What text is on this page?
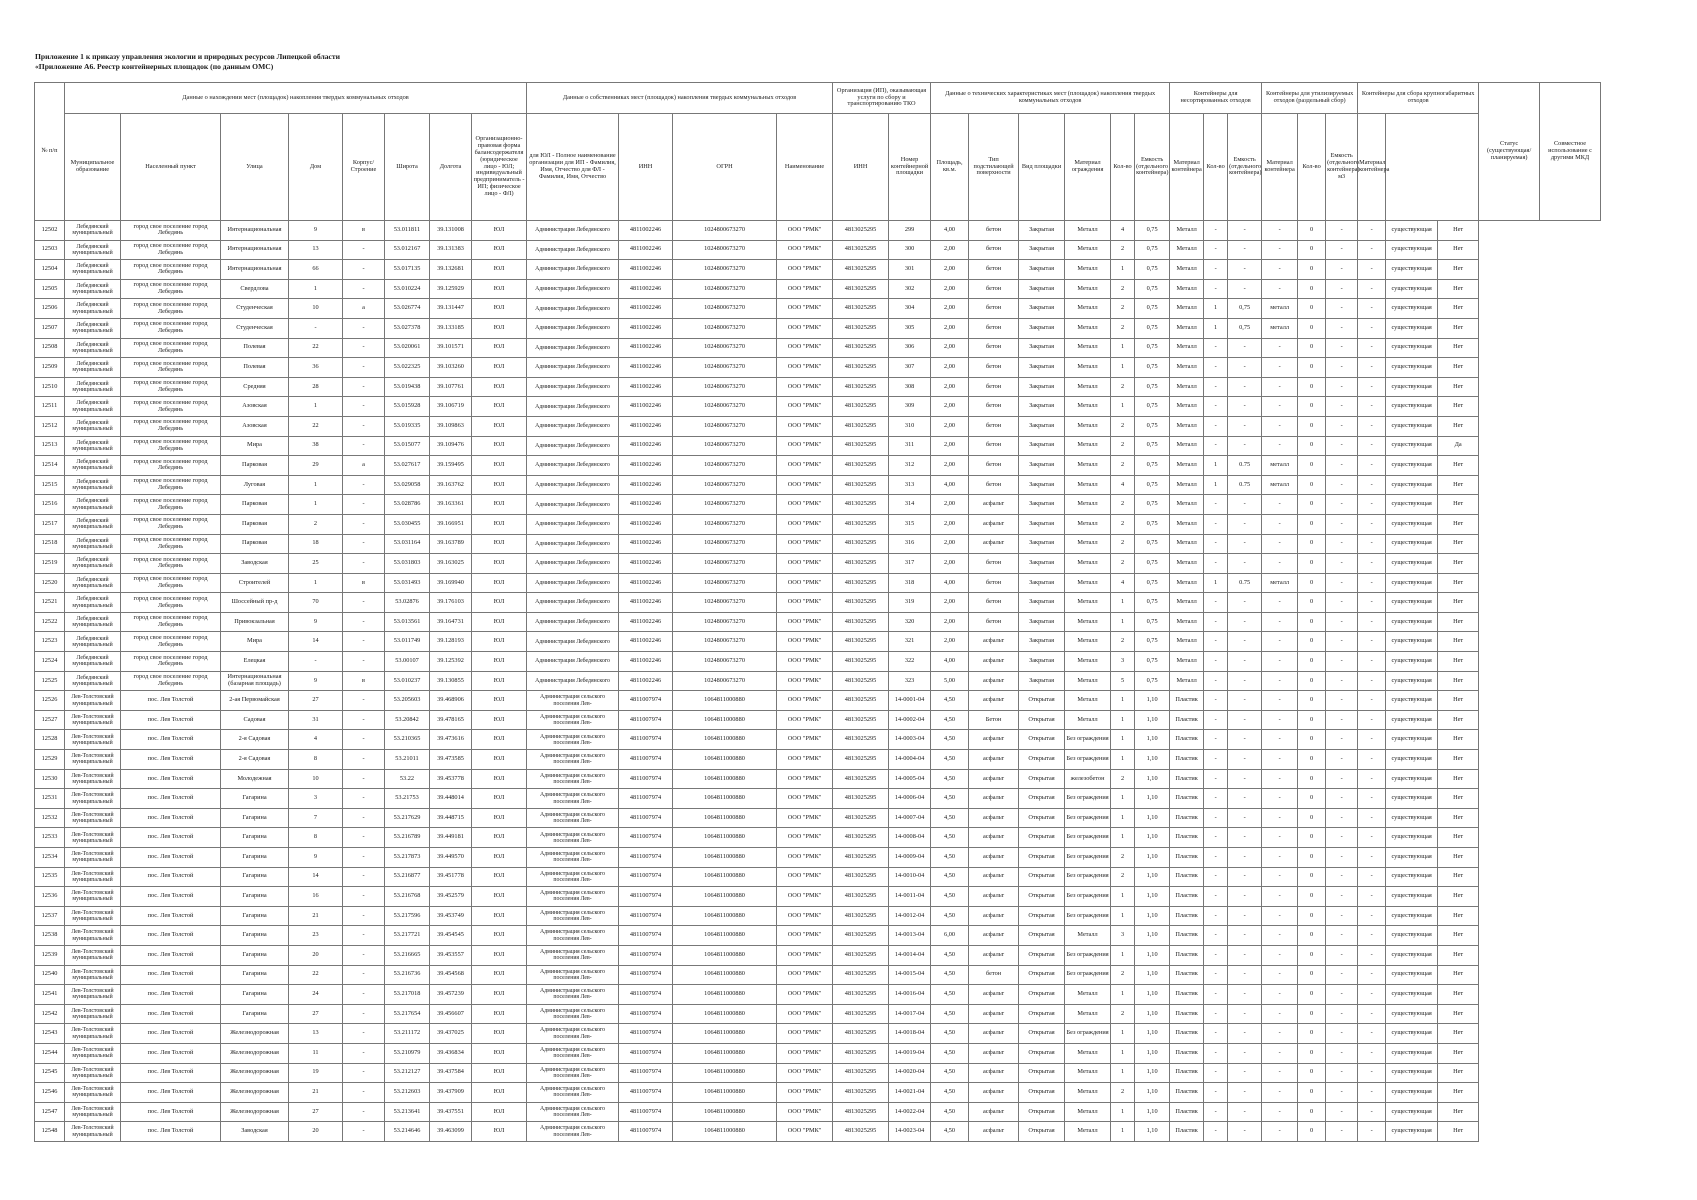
Приложение 1 к приказу управления экологии и природных ресурсов Липецкой области
«Приложение А6. Реестр контейнерных площадок (по данным ОМС)
№ п/п	Данные о нахождении мест (площадок) накопления твердых коммунальных отходов								Данные о собственниках мест (площадок) накопления твердых коммунальных отходов				Организация (ИП), оказывающая услуги по сбору и транспортированию ТКО		Данные о технических характеристиках мест (площадок) накопления твердых коммунальных отходов						Контейнеры для несортированных отходов			Контейнеры для утилизируемых отходов (раздельный сбор)			Контейнеры для сбора крупногабаритных отходов			Статус (существующая/планируемая)	Совместное использование с другими МКД
	Муниципальное образование	Населенный пункт	Улица	Дом	Корпус/Строение	Широта	Долгота	Организационно-правовая форма балансодержателя (юридическое лицо - ЮЛ; индивидуальный предприниматель - ИП; физическое лицо - ФЛ)	для ЮЛ - Полное наименование организации для ИП - Фамилия, Имя, Отчество для ФЛ - Фамилия, Имя, Отчество	ИНН	ОГРН	Наименование	ИНН	Номер контейнерной площадки	Площадь, кв.м.	Тип подстилающей поверхности	Вид площадки	Материал ограждения	Кол-во	Емкость (отдельного контейнера)	Материал контейнера	Кол-во	Емкость (отдельного контейнера)	Материал контейнера	Кол-во	Емкость (отдельного контейнера) м3	Материал контейнера				
12502	Лебедянский муниципальный	город свое поселение город Лебедянь	Интернациональная	9	в	53.011811	39.131008	ЮЛ	Администрация Лебедянского	4811002246	1024800673270	ООО "РМК"	4813025295	299	4,00	бетон	Закрытая	Металл	4	0,75	Металл	-	-	-	0	-	-	существующая	Нет		
12503	Лебедянский муниципальный	город свое поселение город Лебедянь	Интернациональная	13	-	53.012167	39.131383	ЮЛ	Администрация Лебедянского	4811002246	1024800673270	ООО "РМК"	4813025295	300	2,00	бетон	Закрытая	Металл	2	0,75	Металл	-	-	-	0	-	-	существующая	Нет		
12504	Лебедянский муниципальный	город свое поселение город Лебедянь	Интернациональная	66	-	53.017135	39.132681	ЮЛ	Администрация Лебедянского	4811002246	1024800673270	ООО "РМК"	4813025295	301	2,00	бетон	Закрытая	Металл	1	0,75	Металл	-	-	-	0	-	-	существующая	Нет		
12505	Лебедянский муниципальный	город свое поселение город Лебедянь	Свердлова	1	-	53.010224	39.125929	ЮЛ	Администрация Лебедянского	4811002246	1024800673270	ООО "РМК"	4813025295	302	2,00	бетон	Закрытая	Металл	2	0,75	Металл	-	-	-	0	-	-	существующая	Нет		
12506	Лебедянский муниципальный	город свое поселение город Лебедянь	Студенческая	10	а	53.026774	39.131447	ЮЛ	Администрация Лебедянского	4811002246	1024800673270	ООО "РМК"	4813025295	304	2,00	бетон	Закрытая	Металл	2	0,75	Металл	1	0,75	металл	0	-	-	существующая	Нет		
12507	Лебедянский муниципальный	город свое поселение город Лебедянь	Студенческая	-	-	53.027378	39.133185	ЮЛ	Администрация Лебедянского	4811002246	1024800673270	ООО "РМК"	4813025295	305	2,00	бетон	Закрытая	Металл	2	0,75	Металл	1	0,75	металл	0	-	-	существующая	Нет		
12508	Лебедянский муниципальный	город свое поселение город Лебедянь	Полевая	22	-	53.020061	39.101571	ЮЛ	Администрация Лебедянского	4811002246	1024800673270	ООО "РМК"	4813025295	306	2,00	бетон	Закрытая	Металл	1	0,75	Металл	-	-	-	0	-	-	существующая	Нет		
12509	Лебедянский муниципальный	город свое поселение город Лебедянь	Полевая	36	-	53.022325	39.103260	ЮЛ	Администрация Лебедянского	4811002246	1024800673270	ООО "РМК"	4813025295	307	2,00	бетон	Закрытая	Металл	1	0,75	Металл	-	-	-	0	-	-	существующая	Нет		
12510	Лебедянский муниципальный	город свое поселение город Лебедянь	Средняя	28	-	53.019438	39.107761	ЮЛ	Администрация Лебедянского	4811002246	1024800673270	ООО "РМК"	4813025295	308	2,00	бетон	Закрытая	Металл	2	0,75	Металл	-	-	-	0	-	-	существующая	Нет		
12511	Лебедянский муниципальный	город свое поселение город Лебедянь	Азовская	1	-	53.015928	39.106719	ЮЛ	Администрация Лебедянского	4811002246	1024800673270	ООО "РМК"	4813025295	309	2,00	бетон	Закрытая	Металл	1	0,75	Металл	-	-	-	0	-	-	существующая	Нет		
12512	Лебедянский муниципальный	город свое поселение город Лебедянь	Азовская	22	-	53.019335	39.109863	ЮЛ	Администрация Лебедянского	4811002246	1024800673270	ООО "РМК"	4813025295	310	2,00	бетон	Закрытая	Металл	2	0,75	Металл	-	-	-	0	-	-	существующая	Нет		
12513	Лебедянский муниципальный	город свое поселение город Лебедянь	Мира	38	-	53.015077	39.109476	ЮЛ	Администрация Лебедянского	4811002246	1024800673270	ООО "РМК"	4813025295	311	2,00	бетон	Закрытая	Металл	2	0,75	Металл	-	-	-	0	-	-	существующая	Да		
12514	Лебедянский муниципальный	город свое поселение город Лебедянь	Парковая	29	а	53.027617	39.159495	ЮЛ	Администрация Лебедянского	4811002246	1024800673270	ООО "РМК"	4813025295	312	2,00	бетон	Закрытая	Металл	2	0,75	Металл	1	0.75	металл	0	-	-	существующая	Нет		
12515	Лебедянский муниципальный	город свое поселение город Лебедянь	Луговая	1	-	53.029058	39.163762	ЮЛ	Администрация Лебедянского	4811002246	1024800673270	ООО "РМК"	4813025295	313	4,00	бетон	Закрытая	Металл	4	0,75	Металл	1	0.75	металл	0	-	-	существующая	Нет		
12516	Лебедянский муниципальный	город свое поселение город Лебедянь	Парковая	1	-	53.028786	39.163361	ЮЛ	Администрация Лебедянского	4811002246	1024800673270	ООО "РМК"	4813025295	314	2,00	асфальт	Закрытая	Металл	2	0,75	Металл	-	-	-	0	-	-	существующая	Нет		
12517	Лебедянский муниципальный	город свое поселение город Лебедянь	Парковая	2	-	53.030455	39.166951	ЮЛ	Администрация Лебедянского	4811002246	1024800673270	ООО "РМК"	4813025295	315	2,00	асфальт	Закрытая	Металл	2	0,75	Металл	-	-	-	0	-	-	существующая	Нет		
12518	Лебедянский муниципальный	город свое поселение город Лебедянь	Парковая	18	-	53.031164	39.163789	ЮЛ	Администрация Лебедянского	4811002246	1024800673270	ООО "РМК"	4813025295	316	2,00	асфальт	Закрытая	Металл	2	0,75	Металл	-	-	-	0	-	-	существующая	Нет		
12519	Лебедянский муниципальный	город свое поселение город Лебедянь	Заводская	25	-	53.031803	39.163025	ЮЛ	Администрация Лебедянского	4811002246	1024800673270	ООО "РМК"	4813025295	317	2,00	бетон	Закрытая	Металл	2	0,75	Металл	-	-	-	0	-	-	существующая	Нет		
12520	Лебедянский муниципальный	город свое поселение город Лебедянь	Строителей	1	в	53.031493	39.169940	ЮЛ	Администрация Лебедянского	4811002246	1024800673270	ООО "РМК"	4813025295	318	4,00	бетон	Закрытая	Металл	4	0,75	Металл	1	0.75	металл	0	-	-	существующая	Нет		
12521	Лебедянский муниципальный	город свое поселение город Лебедянь	Шоссейный пр-д	70	-	53.02876	39.176103	ЮЛ	Администрация Лебедянского	4811002246	1024800673270	ООО "РМК"	4813025295	319	2,00	бетон	Закрытая	Металл	1	0,75	Металл	-	-	-	0	-	-	существующая	Нет		
12522	Лебедянский муниципальный	город свое поселение город Лебедянь	Привокзальная	9	-	53.013561	39.164731	ЮЛ	Администрация Лебедянского	4811002246	1024800673270	ООО "РМК"	4813025295	320	2,00	бетон	Закрытая	Металл	1	0,75	Металл	-	-	-	0	-	-	существующая	Нет		
12523	Лебедянский муниципальный	город свое поселение город Лебедянь	Мира	14	-	53.011749	39.128193	ЮЛ	Администрация Лебедянского	4811002246	1024800673270	ООО "РМК"	4813025295	321	2,00	асфальт	Закрытая	Металл	2	0,75	Металл	-	-	-	0	-	-	существующая	Нет		
12524	Лебедянский муниципальный	город свое поселение город Лебедянь	Елецкая	-	-	53.00107	39.125392	ЮЛ	Администрация Лебедянского	4811002246	1024800673270	ООО "РМК"	4813025295	322	4,00	асфальт	Закрытая	Металл	3	0,75	Металл	-	-	-	0	-	-	существующая	Нет		
12525	Лебедянский муниципальный	город свое поселение город Лебедянь	Интернациональная (базарная площадь)	9	в	53.010237	39.130855	ЮЛ	Администрация Лебедянского	4811002246	1024800673270	ООО "РМК"	4813025295	323	5,00	асфальт	Закрытая	Металл	5	0,75	Металл	-	-	-	0	-	-	существующая	Нет		
12526	Лев-Толстовский муниципальный	пос. Лев Толстой	2-ая Первомайская	27	-	53.205603	39.468906	ЮЛ	Администрация сельского поселения Лев-	4811007974	1064811000880	ООО "РМК"	4813025295	14-0001-04	4,50	асфальт	Открытая	Металл	1	1,10	Пластик	-	-	-	0	-	-	существующая	Нет		
12527	Лев-Толстовский муниципальный	пос. Лев Толстой	Садовая	31	-	53.20842	39.478165	ЮЛ	Администрация сельского поселения Лев-	4811007974	1064811000880	ООО "РМК"	4813025295	14-0002-04	4,50	Бетон	Открытая	Металл	1	1,10	Пластик	-	-	-	0	-	-	существующая	Нет		
12528	Лев-Толстовский муниципальный	пос. Лев Толстой	2-я Садовая	4	-	53.210365	39.473616	ЮЛ	Администрация сельского поселения Лев-	4811007974	1064811000880	ООО "РМК"	4813025295	14-0003-04	4,50	асфальт	Открытая	Без ограждения	1	1,10	Пластик	-	-	-	0	-	-	существующая	Нет		
12529	Лев-Толстовский муниципальный	пос. Лев Толстой	2-я Садовая	8	-	53.21011	39.473585	ЮЛ	Администрация сельского поселения Лев-	4811007974	1064811000880	ООО "РМК"	4813025295	14-0004-04	4,50	асфальт	Открытая	Без ограждения	1	1,10	Пластик	-	-	-	0	-	-	существующая	Нет		
12530	Лев-Толстовский муниципальный	пос. Лев Толстой	Молодежная	10	-	53.22	39.453778	ЮЛ	Администрация сельского поселения Лев-	4811007974	1064811000880	ООО "РМК"	4813025295	14-0005-04	4,50	асфальт	Открытая	железобетон	2	1,10	Пластик	-	-	-	0	-	-	существующая	Нет		
12531	Лев-Толстовский муниципальный	пос. Лев Толстой	Гагарина	3	-	53.21753	39.448014	ЮЛ	Администрация сельского поселения Лев-	4811007974	1064811000880	ООО "РМК"	4813025295	14-0006-04	4,50	асфальт	Открытая	Без ограждения	1	1,10	Пластик	-	-	-	0	-	-	существующая	Нет		
12532	Лев-Толстовский муниципальный	пос. Лев Толстой	Гагарина	7	-	53.217629	39.448715	ЮЛ	Администрация сельского поселения Лев-	4811007974	1064811000880	ООО "РМК"	4813025295	14-0007-04	4,50	асфальт	Открытая	Без ограждения	1	1,10	Пластик	-	-	-	0	-	-	существующая	Нет		
12533	Лев-Толстовский муниципальный	пос. Лев Толстой	Гагарина	8	-	53.216789	39.449181	ЮЛ	Администрация сельского поселения Лев-	4811007974	1064811000880	ООО "РМК"	4813025295	14-0008-04	4,50	асфальт	Открытая	Без ограждения	1	1,10	Пластик	-	-	-	0	-	-	существующая	Нет		
12534	Лев-Толстовский муниципальный	пос. Лев Толстой	Гагарина	9	-	53.217873	39.449570	ЮЛ	Администрация сельского поселения Лев-	4811007974	1064811000880	ООО "РМК"	4813025295	14-0009-04	4,50	асфальт	Открытая	Без ограждения	2	1,10	Пластик	-	-	-	0	-	-	существующая	Нет		
12535	Лев-Толстовский муниципальный	пос. Лев Толстой	Гагарина	14	-	53.216877	39.451778	ЮЛ	Администрация сельского поселения Лев-	4811007974	1064811000880	ООО "РМК"	4813025295	14-0010-04	4,50	асфальт	Открытая	Без ограждения	2	1,10	Пластик	-	-	-	0	-	-	существующая	Нет		
12536	Лев-Толстовский муниципальный	пос. Лев Толстой	Гагарина	16	-	53.216768	39.452579	ЮЛ	Администрация сельского поселения Лев-	4811007974	1064811000880	ООО "РМК"	4813025295	14-0011-04	4,50	асфальт	Открытая	Без ограждения	1	1,10	Пластик	-	-	-	0	-	-	существующая	Нет		
12537	Лев-Толстовский муниципальный	пос. Лев Толстой	Гагарина	21	-	53.217596	39.453749	ЮЛ	Администрация сельского поселения Лев-	4811007974	1064811000880	ООО "РМК"	4813025295	14-0012-04	4,50	асфальт	Открытая	Без ограждения	1	1,10	Пластик	-	-	-	0	-	-	существующая	Нет		
12538	Лев-Толстовский муниципальный	пос. Лев Толстой	Гагарина	23	-	53.217721	39.454545	ЮЛ	Администрация сельского поселения Лев-	4811007974	1064811000880	ООО "РМК"	4813025295	14-0013-04	6,00	асфальт	Открытая	Металл	3	1,10	Пластик	-	-	-	0	-	-	существующая	Нет		
12539	Лев-Толстовский муниципальный	пос. Лев Толстой	Гагарина	20	-	53.216665	39.453557	ЮЛ	Администрация сельского поселения Лев-	4811007974	1064811000880	ООО "РМК"	4813025295	14-0014-04	4,50	асфальт	Открытая	Без ограждения	1	1,10	Пластик	-	-	-	0	-	-	существующая	Нет		
12540	Лев-Толстовский муниципальный	пос. Лев Толстой	Гагарина	22	-	53.216736	39.454568	ЮЛ	Администрация сельского поселения Лев-	4811007974	1064811000880	ООО "РМК"	4813025295	14-0015-04	4,50	бетон	Открытая	Без ограждения	2	1,10	Пластик	-	-	-	0	-	-	существующая	Нет		
12541	Лев-Толстовский муниципальный	пос. Лев Толстой	Гагарина	24	-	53.217018	39.457239	ЮЛ	Администрация сельского поселения Лев-	4811007974	1064811000880	ООО "РМК"	4813025295	14-0016-04	4,50	асфальт	Открытая	Металл	1	1,10	Пластик	-	-	-	0	-	-	существующая	Нет		
12542	Лев-Толстовский муниципальный	пос. Лев Толстой	Гагарина	27	-	53.217654	39.456607	ЮЛ	Администрация сельского поселения Лев-	4811007974	1064811000880	ООО "РМК"	4813025295	14-0017-04	4,50	асфальт	Открытая	Металл	2	1,10	Пластик	-	-	-	0	-	-	существующая	Нет		
12543	Лев-Толстовский муниципальный	пос. Лев Толстой	Железнодорожная	13	-	53.211172	39.437025	ЮЛ	Администрация сельского поселения Лев-	4811007974	1064811000880	ООО "РМК"	4813025295	14-0018-04	4,50	асфальт	Открытая	Без ограждения	1	1,10	Пластик	-	-	-	0	-	-	существующая	Нет		
12544	Лев-Толстовский муниципальный	пос. Лев Толстой	Железнодорожная	11	-	53.210979	39.436834	ЮЛ	Администрация сельского поселения Лев-	4811007974	1064811000880	ООО "РМК"	4813025295	14-0019-04	4,50	асфальт	Открытая	Металл	1	1,10	Пластик	-	-	-	0	-	-	существующая	Нет		
12545	Лев-Толстовский муниципальный	пос. Лев Толстой	Железнодорожная	19	-	53.212127	39.437584	ЮЛ	Администрация сельского поселения Лев-	4811007974	1064811000880	ООО "РМК"	4813025295	14-0020-04	4,50	асфальт	Открытая	Металл	1	1,10	Пластик	-	-	-	0	-	-	существующая	Нет		
12546	Лев-Толстовский муниципальный	пос. Лев Толстой	Железнодорожная	21	-	53.212603	39.437909	ЮЛ	Администрация сельского поселения Лев-	4811007974	1064811000880	ООО "РМК"	4813025295	14-0021-04	4,50	асфальт	Открытая	Металл	2	1,10	Пластик	-	-	-	0	-	-	существующая	Нет		
12547	Лев-Толстовский муниципальный	пос. Лев Толстой	Железнодорожная	27	-	53.213641	39.437551	ЮЛ	Администрация сельского поселения Лев-	4811007974	1064811000880	ООО "РМК"	4813025295	14-0022-04	4,50	асфальт	Открытая	Металл	1	1,10	Пластик	-	-	-	0	-	-	существующая	Нет		
12548	Лев-Толстовский муниципальный	пос. Лев Толстой	Заводская	20	-	53.214646	39.463099	ЮЛ	Администрация сельского поселения Лев-	4811007974	1064811000880	ООО "РМК"	4813025295	14-0023-04	4,50	асфальт	Открытая	Металл	1	1,10	Пластик	-	-	-	0	-	-	существующая	Нет		
